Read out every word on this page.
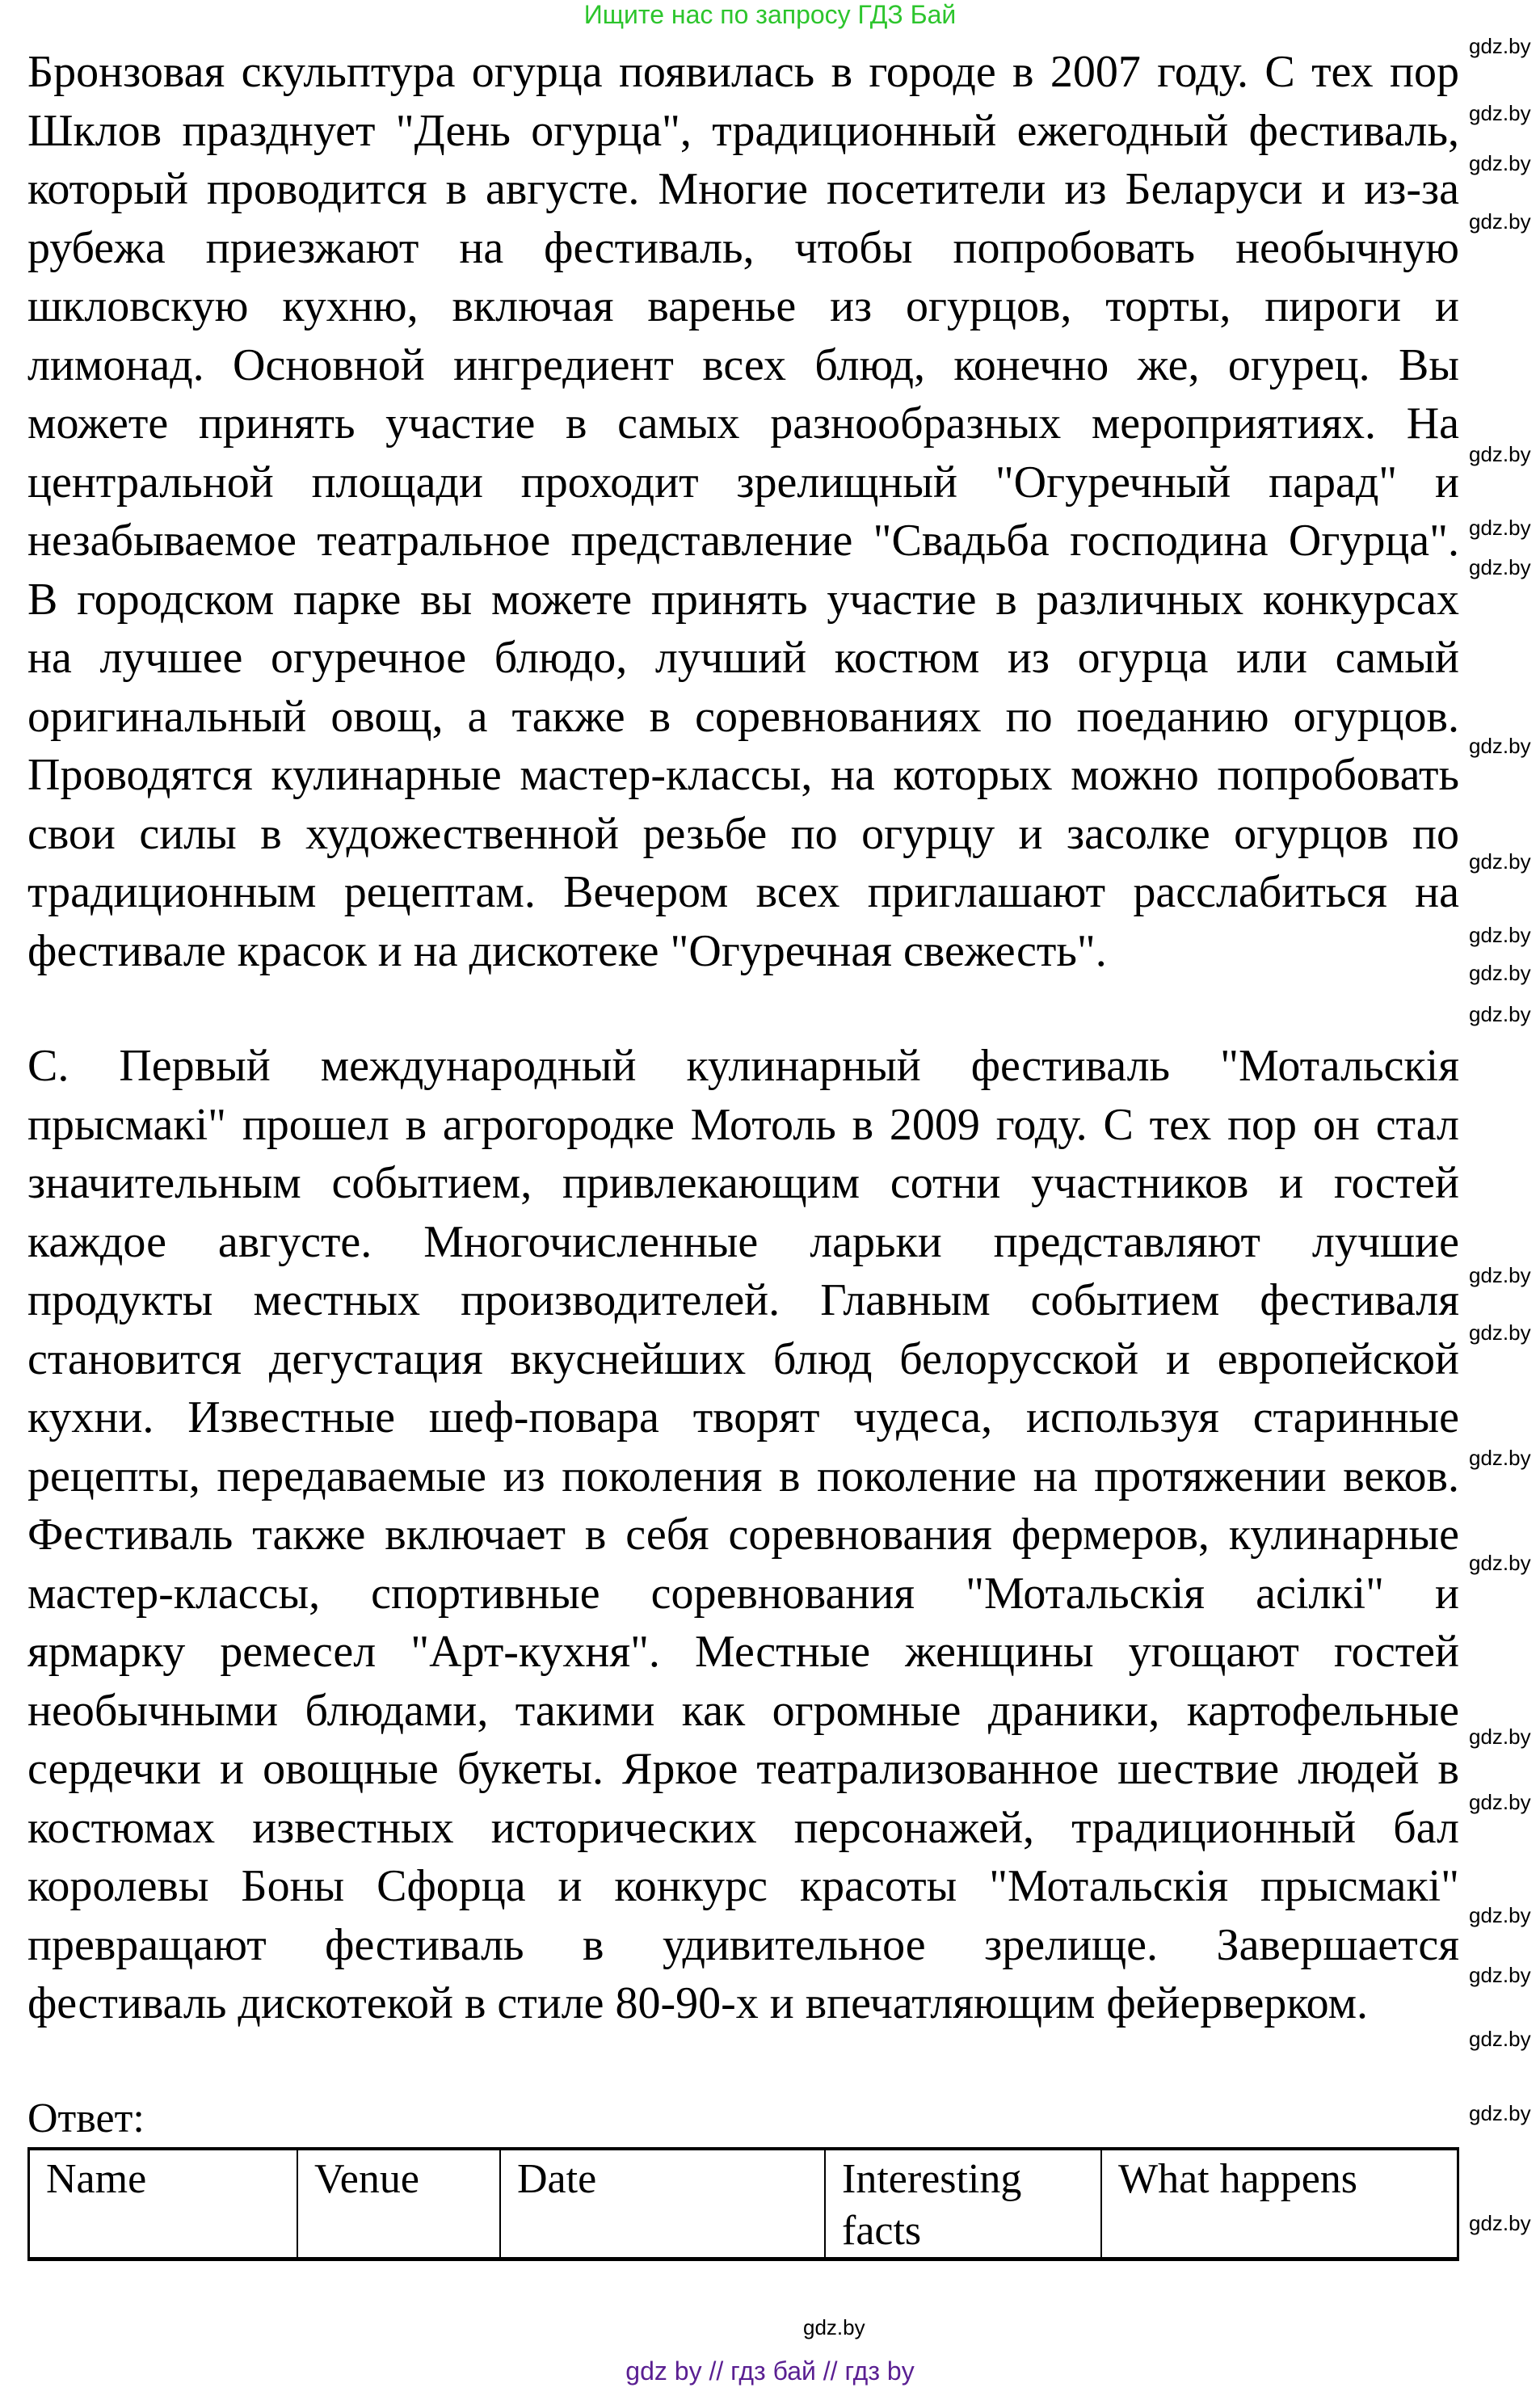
Ищите нас по запросу ГДЗ Бай
Бронзовая скульптура огурца появилась в городе в 2007 году. С тех пор
Шклов празднует "День огурца", традиционный ежегодный фестиваль,
который проводится в августе. Многие посетители из Беларуси и из-за
рубежа приезжают на фестиваль, чтобы попробовать необычную
шкловскую кухню, включая варенье из огурцов, торты, пироги и
лимонад. Основной ингредиент всех блюд, конечно же, огурец. Вы
можете принять участие в самых разнообразных мероприятиях. На
центральной площади проходит зрелищный "Огуречный парад" и
незабываемое театральное представление "Свадьба господина Огурца".
В городском парке вы можете принять участие в различных конкурсах
на лучшее огуречное блюдо, лучший костюм из огурца или самый
оригинальный овощ, а также в соревнованиях по поеданию огурцов.
Проводятся кулинарные мастер-классы, на которых можно попробовать
свои силы в художественной резьбе по огурцу и засолке огурцов по
традиционным рецептам. Вечером всех приглашают расслабиться на
фестивале красок и на дискотеке "Огуречная свежесть".
С. Первый международный кулинарный фестиваль "Мотальскія
прысмакі" прошел в агрогородке Мотоль в 2009 году. С тех пор он стал
значительным событием, привлекающим сотни участников и гостей
каждое августе. Многочисленные ларьки представляют лучшие
продукты местных производителей. Главным событием фестиваля
становится дегустация вкуснейших блюд белорусской и европейской
кухни. Известные шеф-повара творят чудеса, используя старинные
рецепты, передаваемые из поколения в поколение на протяжении веков.
Фестиваль также включает в себя соревнования фермеров, кулинарные
мастер-классы, спортивные соревнования "Мотальскія асілкі" и
ярмарку ремесел "Арт-кухня". Местные женщины угощают гостей
необычными блюдами, такими как огромные драники, картофельные
сердечки и овощные букеты. Яркое театрализованное шествие людей в
костюмах известных исторических персонажей, традиционный бал
королевы Боны Сфорца и конкурс красоты "Мотальскія прысмакі"
превращают фестиваль в удивительное зрелище. Завершается
фестиваль дискотекой в стиле 80-90-х и впечатляющим фейерверком.
gdz.by
gdz.by
gdz.by
gdz.by
gdz.by
gdz.by
gdz.by
gdz.by
gdz.by
gdz.by
gdz.by
gdz.by
gdz.by
gdz.by
gdz.by
gdz.by
gdz.by
gdz.by
gdz.by
gdz.by
gdz.by
gdz.by
gdz.by
gdz.by
Ответ:
Name	Venue	Date	Interesting facts	What happens
gdz by // гдз бай // гдз by
